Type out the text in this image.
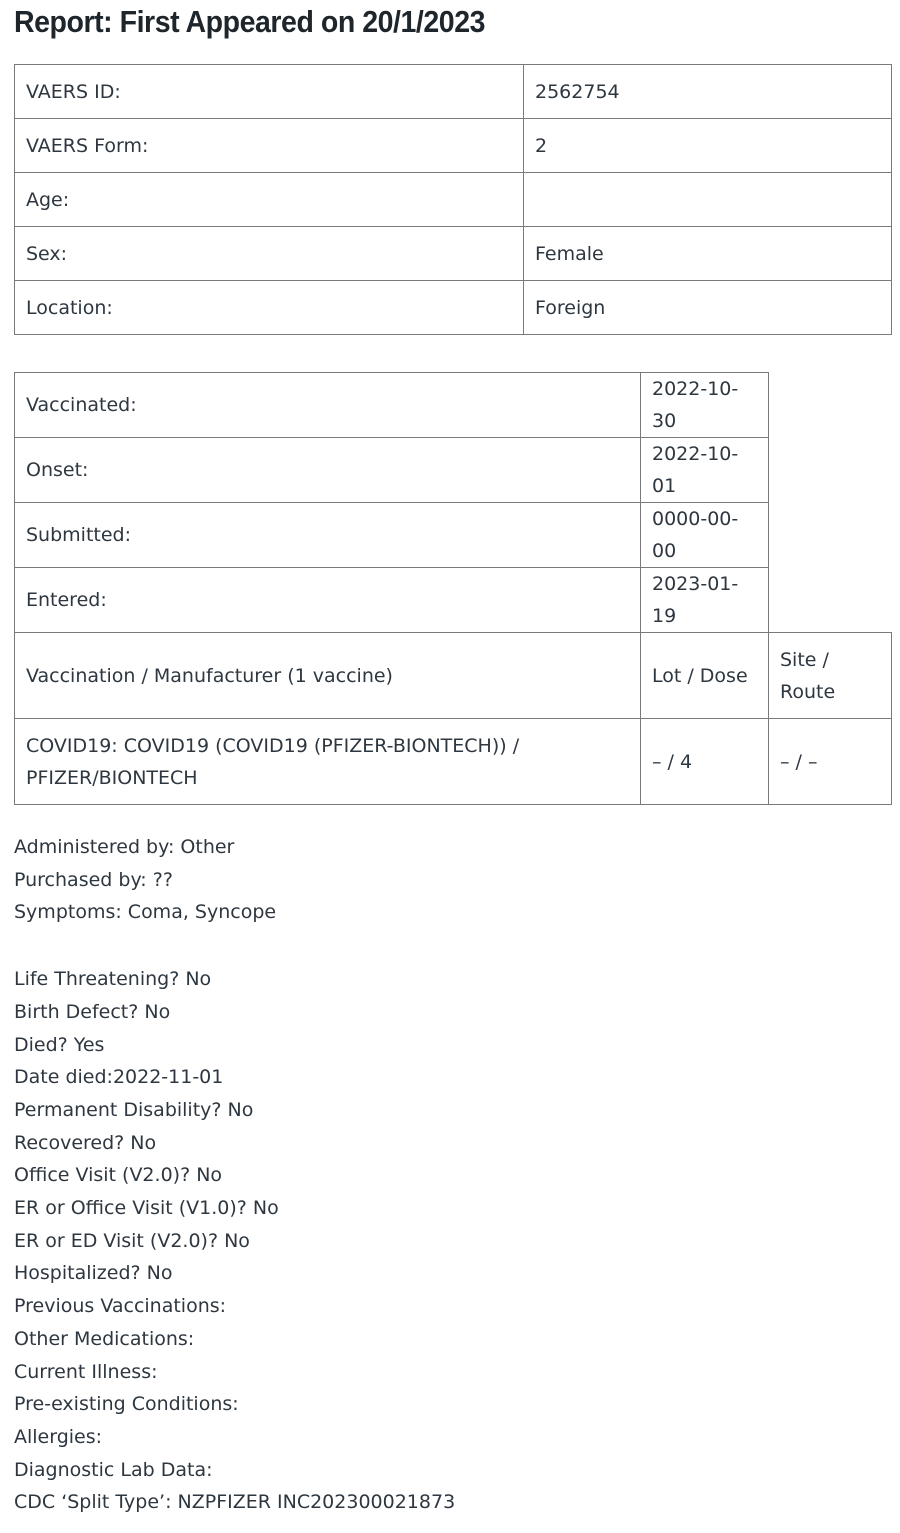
Report: First Appeared on 20/1/2023
VAERS ID:	2562754
VAERS Form:	2
Age:	
Sex:	Female
Location:	Foreign
Vaccinated:	2022-10-30	
Onset:	2022-10-01	
Submitted:	0000-00-00	
Entered:	2023-01-19	
Vaccination / Manufacturer (1 vaccine)	Lot / Dose	Site / Route
COVID19: COVID19 (COVID19 (PFIZER-BIONTECH)) / PFIZER/BIONTECH	– / 4	– / –
Administered by: Other
Purchased by: ??
Symptoms: Coma, Syncope
Life Threatening? No
Birth Defect? No
Died? Yes
Date died:2022-11-01
Permanent Disability? No
Recovered? No
Office Visit (V2.0)? No
ER or Office Visit (V1.0)? No
ER or ED Visit (V2.0)? No
Hospitalized? No
Previous Vaccinations:
Other Medications:
Current Illness:
Pre-existing Conditions:
Allergies:
Diagnostic Lab Data:
CDC ‘Split Type’: NZPFIZER INC202300021873
